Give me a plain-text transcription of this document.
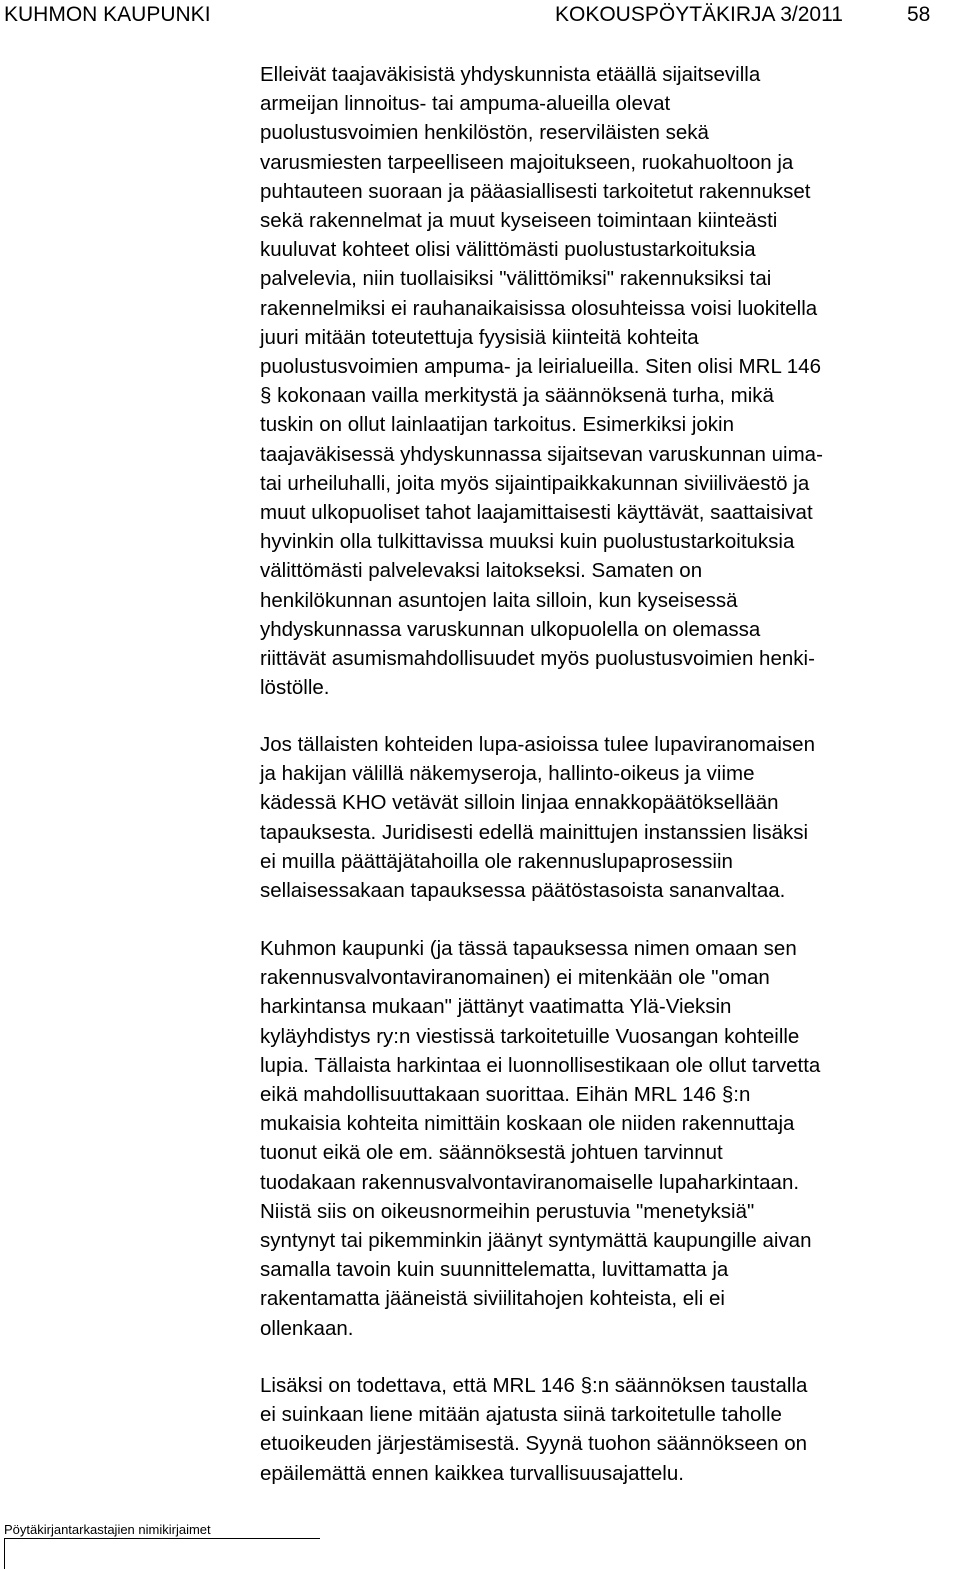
KUHMON KAUPUNKI	KOKOUSPÖYTÄKIRJA 3/2011	58

Elleivät taajaväkisistä yhdyskunnista etäällä sijaitsevilla
armeijan linnoitus- tai ampuma-alueilla olevat
puolustusvoimien henkilöstön, reserviläisten sekä
varusmiesten tarpeelliseen majoitukseen, ruokahuoltoon ja
puhtauteen suoraan ja pääasiallisesti tarkoitetut rakennukset
sekä rakennelmat ja muut kyseiseen toimintaan kiinteästi
kuuluvat kohteet olisi välittömästi puolustustarkoituksia
palvelevia, niin tuollaisiksi "välittömiksi" rakennuksiksi tai
rakennelmiksi ei rauhanaikaisissa olosuhteissa voisi luokitella
juuri mitään toteutettuja fyysisiä kiinteitä kohteita
puolustusvoimien ampuma- ja leirialueilla. Siten olisi MRL 146
§ kokonaan vailla merkitystä ja säännöksenä turha, mikä
tuskin on ollut lainlaatijan tarkoitus. Esimerkiksi jokin
taajaväkisessä yhdyskunnassa sijaitsevan varuskunnan uima-
tai urheiluhalli, joita myös sijaintipaikkakunnan siviiliväestö ja
muut ulkopuoliset tahot laajamittaisesti käyttävät, saattaisivat
hyvinkin olla tulkittavissa muuksi kuin puolustustarkoituksia
välittömästi palvelevaksi laitokseksi. Samaten on
henkilökunnan asuntojen laita silloin, kun kyseisessä
yhdyskunnassa varuskunnan ulkopuolella on olemassa
riittävät asumismahdollisuudet myös puolustusvoimien henki-
löstölle.

Jos tällaisten kohteiden lupa-asioissa tulee lupaviranomaisen
ja hakijan välillä näkemyseroja, hallinto-oikeus ja viime
kädessä KHO vetävät silloin linjaa ennakkopäätöksellään
tapauksesta. Juridisesti edellä mainittujen instanssien lisäksi
ei muilla päättäjätahoilla ole rakennuslupaprosessiin
sellaisessakaan tapauksessa päätöstasoista sananvaltaa.

Kuhmon kaupunki (ja tässä tapauksessa nimen omaan sen
rakennusvalvontaviranomainen) ei mitenkään ole "oman
harkintansa mukaan" jättänyt vaatimatta Ylä-Vieksin
kyläyhdistys ry:n viestissä tarkoitetuille Vuosangan kohteille
lupia. Tällaista harkintaa ei luonnollisestikaan ole ollut tarvetta
eikä mahdollisuuttakaan suorittaa. Eihän MRL 146 §:n
mukaisia kohteita nimittäin koskaan ole niiden rakennuttaja
tuonut eikä ole em. säännöksestä johtuen tarvinnut
tuodakaan rakennusvalvontaviranomaiselle lupaharkintaan.
Niistä siis on oikeusnormeihin perustuvia "menetyksiä"
syntynyt tai pikemminkin jäänyt syntymättä kaupungille aivan
samalla tavoin kuin suunnittelematta, luvittamatta ja
rakentamatta jääneistä siviilitahojen kohteista, eli ei
ollenkaan.

Lisäksi on todettava, että MRL 146 §:n säännöksen taustalla
ei suinkaan liene mitään ajatusta siinä tarkoitetulle taholle
etuoikeuden järjestämisestä. Syynä tuohon säännökseen on
epäilemättä ennen kaikkea turvallisuusajattelu.

Pöytäkirjantarkastajien nimikirjaimet
